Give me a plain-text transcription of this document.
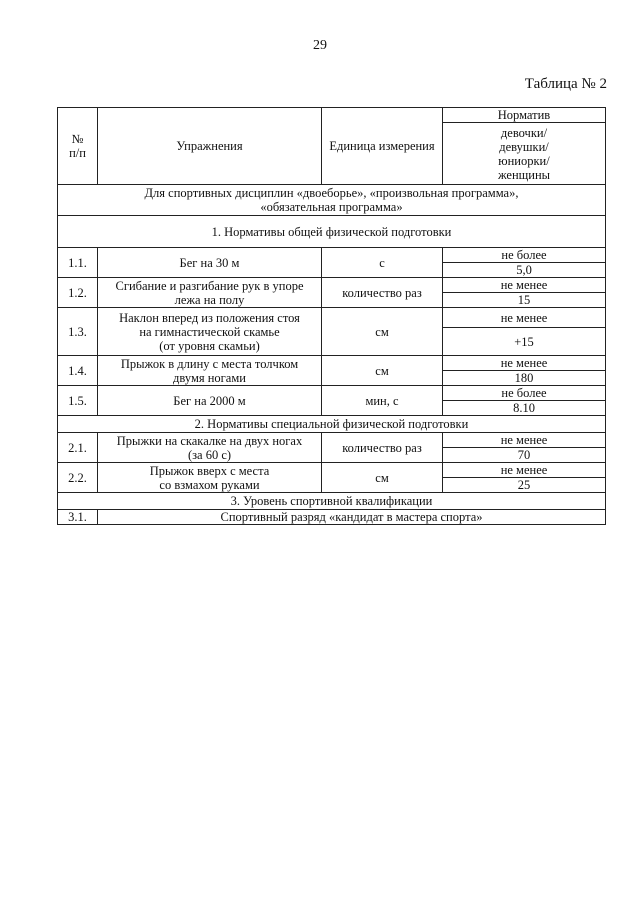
29
Таблица № 2
№
п/п	Упражнения	Единица измерения	Норматив

			девочки/
девушки/
юниорки/
женщины

Для спортивных дисциплин «двоеборье», «произвольная программа»,
«обязательная программа»			

1. Нормативы общей физической подготовки			
1.1.	Бег на 30 м	с	не более
			5,0
1.2.	Сгибание и разгибание рук в упоре
лежа на полу	количество раз	не менее
			15
1.3.	Наклон вперед из положения стоя
на гимнастической скамье
(от уровня скамьи)	см	не менее
			+15
1.4.	Прыжок в длину с места толчком
двумя ногами	см	не менее
			180
1.5.	Бег на 2000 м	мин, с	не более
			8.10
2. Нормативы специальной физической подготовки			
2.1.	Прыжки на скакалке на двух ногах
(за 60 с)	количество раз	не менее
			70
2.2.	Прыжок вверх с места
со взмахом руками	см	не менее
			25
3. Уровень спортивной квалификации			
3.1.	Спортивный разряд «кандидат в мастера спорта»		
